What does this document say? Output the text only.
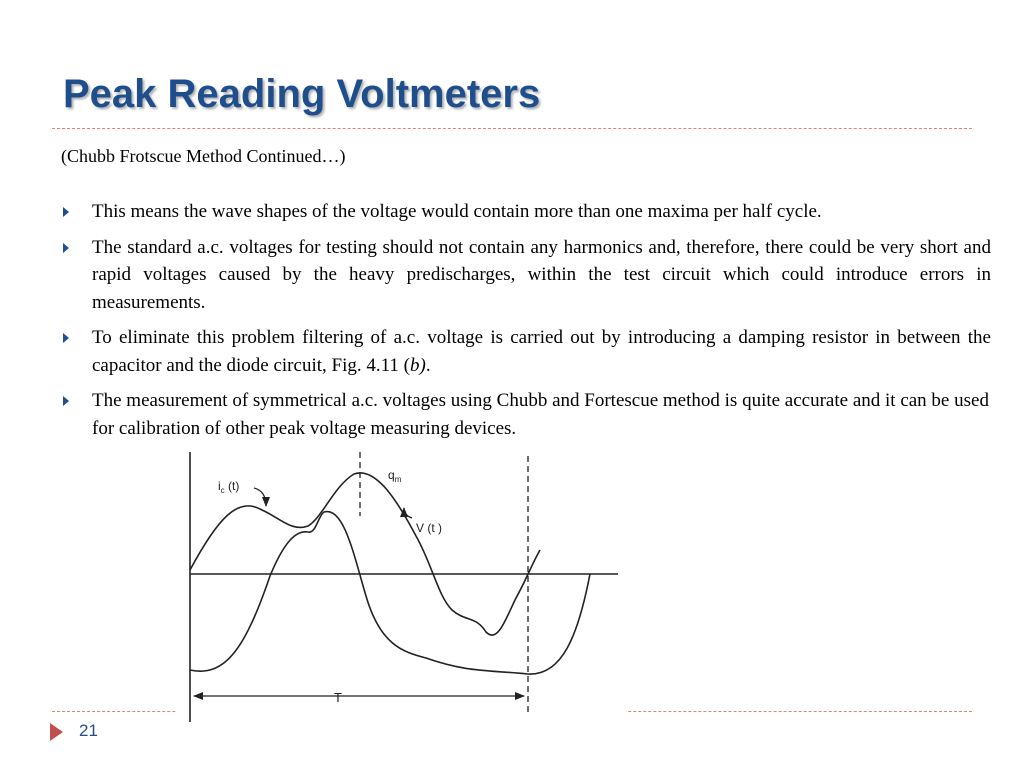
Peak Reading Voltmeters
(Chubb Frotscue Method Continued…)
This means the wave shapes of the voltage would contain more than one maxima per half cycle.
The standard a.c. voltages for testing should not contain any harmonics and, therefore, there could be very short and rapid voltages caused by the heavy predischarges, within the test circuit which could introduce errors in measurements.
To eliminate this problem filtering of a.c. voltage is carried out by introducing a damping resistor in between the capacitor and the diode circuit, Fig. 4.11 (b).
The measurement of symmetrical a.c. voltages using Chubb and Fortescue method is quite accurate and it can be used for calibration of other peak voltage measuring devices.
$i_c$ (t)
$q_m$
V (t )
T
21
